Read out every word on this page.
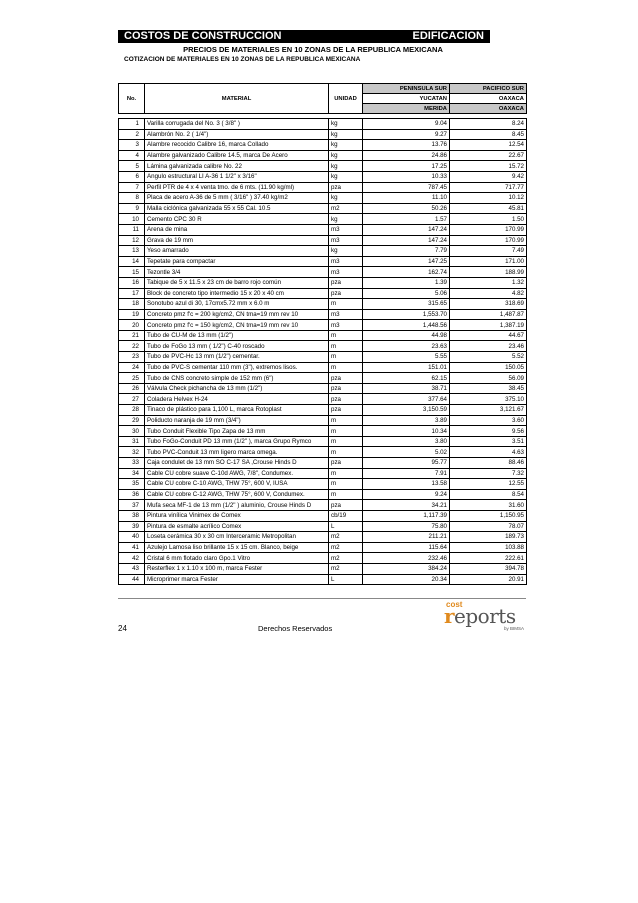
COSTOS DE CONSTRUCCION	EDIFICACION
PRECIOS DE MATERIALES EN 10 ZONAS DE LA REPUBLICA MEXICANA
COTIZACION DE MATERIALES EN 10 ZONAS DE LA REPUBLICA MEXICANA
No.	MATERIAL	UNIDAD	PENINSULA SUR	PACIFICO SUR
			YUCATAN	OAXACA
			MERIDA	OAXACA
1	Varilla corrugada del No. 3 ( 3/8" )	kg	9.04	8.24
2	Alambrón No. 2 ( 1/4")	kg	9.27	8.45
3	Alambre recocido Calibre 16, marca Collado	kg	13.76	12.54
4	Alambre galvanizado Calibre 14.5, marca De Acero	kg	24.86	22.67
5	Lámina galvanizada calibre No. 22	kg	17.25	15.72
6	Angulo estructural LI A-36 1 1/2" x 3/16"	kg	10.33	9.42
7	Perfil PTR de 4 x 4 venta tmo. de 6 mts. (11.90 kg/ml)	pza	787.45	717.77
8	Placa de acero A-36 de 5 mm ( 3/16" ) 37.40 kg/m2	kg	11.10	10.12
9	Malla ciclónica galvanizada 55 x 55 Cal. 10.5	m2	50.26	45.81
10	Cemento CPC 30 R	kg	1.57	1.50
11	Arena de mina	m3	147.24	170.99
12	Grava de 19 mm	m3	147.24	170.99
13	Yeso amarrado	kg	7.79	7.49
14	Tepetate para compactar	m3	147.25	171.00
15	Tezontle 3/4	m3	162.74	188.99
16	Tabique de 5 x 11.5 x 23 cm de barro rojo común	pza	1.39	1.32
17	Block de concreto tipo intermedio 15 x 20 x 40 cm	pza	5.06	4.82
18	Sonotubo azul di 30, 17cmx5.72 mm x 6.0 m	m	315.65	318.69
19	Concreto pmz f'c = 200 kg/cm2, CN tma=19 mm rev 10	m3	1,553.70	1,487.87
20	Concreto pmz f'c = 150 kg/cm2, CN tma=19 mm rev 10	m3	1,448.56	1,387.19
21	Tubo de CU-M de 13 mm (1/2")	m	44.98	44.67
22	Tubo de FoGo 13 mm ( 1/2") C-40 roscado	m	23.63	23.46
23	Tubo de PVC-Hc 13 mm (1/2") cementar.	m	5.55	5.52
24	Tubo de PVC-S cementar 110 mm (3"), extremos lisos.	m	151.01	150.05
25	Tubo de CNS concreto simple de 152 mm (6")	pza	62.15	56.09
26	Válvula Check pichancha de 13 mm (1/2")	pza	38.71	38.45
27	Coladera Helvex H-24	pza	377.64	375.10
28	Tinaco de plástico para 1,100 L, marca Rotoplast	pza	3,150.59	3,121.67
29	Poliducto naranja de 19 mm (3/4")	m	3.89	3.60
30	Tubo Conduit Flexible Tipo Zapa de 13 mm	m	10.34	9.56
31	Tubo FoGo-Conduit PD 13 mm (1/2" ), marca Grupo Rymco	m	3.80	3.51
32	Tubo PVC-Conduit 13 mm ligero marca omega.	m	5.02	4.63
33	Caja condulet de 13 mm SO C-17 SA ,Crouse Hinds D	pza	95.77	88.46
34	Cable CU cobre suave C-10d AWG, 7/8", Condumex.	m	7.91	7.32
35	Cable CU cobre C-10 AWG, THW 75°, 600 V, IUSA	m	13.58	12.55
36	Cable CU cobre C-12 AWG, THW 75°, 600 V, Condumex.	m	9.24	8.54
37	Mufa seca MF-1 de 13 mm (1/2" ) aluminio, Crouse Hinds D	pza	34.21	31.60
38	Pintura vinílica Vinimex de Comex	cb/19	1,117.39	1,150.95
39	Pintura de esmalte acrílico Comex	L	75.80	78.07
40	Loseta cerámica 30 x 30 cm Interceramic Metropolitan	m2	211.21	189.73
41	Azulejo Lamosa liso brillante 15 x 15 cm. Blanco, beige	m2	115.64	103.88
42	Cristal 6 mm flotado claro Gpo.1 Vitro	m2	232.46	222.61
43	Resterflex 1 x 1.10 x 100 m, marca Fester	m2	384.24	394.78
44	Microprimer marca Fester	L	20.34	20.91
24	Derechos Reservados
cost
reports
by BIMSA
